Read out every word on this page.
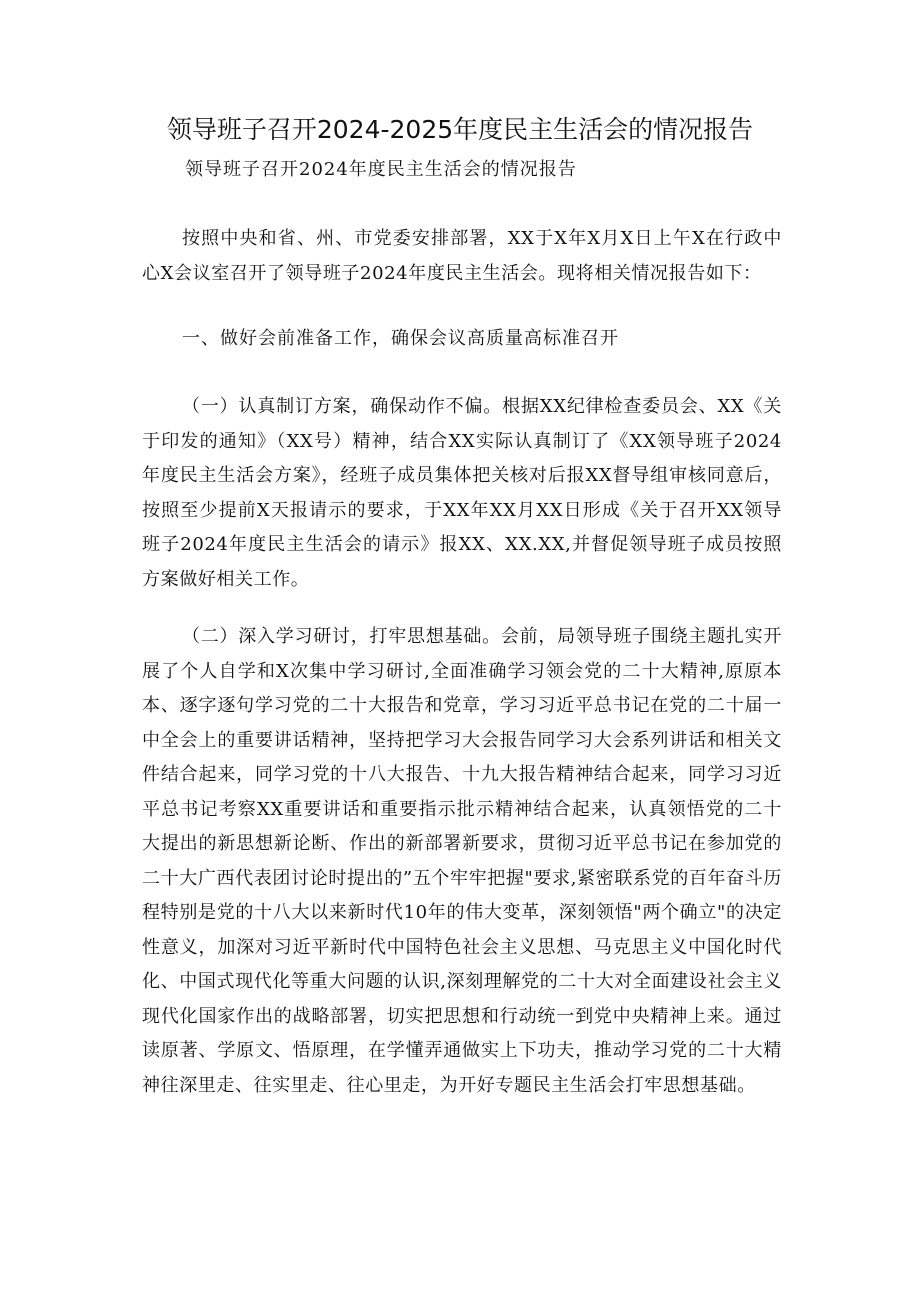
领导班子召开2024-2025年度民主生活会的情况报告

领导班子召开2024年度民主生活会的情况报告

按照中央和省、州、市党委安排部署，XX于X年X月X日上午X在行政中心X会议室召开了领导班子2024年度民主生活会。现将相关情况报告如下：

一、做好会前准备工作，确保会议高质量高标准召开

（一）认真制订方案，确保动作不偏。根据XX纪律检查委员会、XX《关于印发的通知》（XX号）精神，结合XX实际认真制订了《XX领导班子2024年度民主生活会方案》，经班子成员集体把关核对后报XX督导组审核同意后，按照至少提前X天报请示的要求，于XX年XX月XX日形成《关于召开XX领导班子2024年度民主生活会的请示》报XX、XX.XX,并督促领导班子成员按照方案做好相关工作。

（二）深入学习研讨，打牢思想基础。会前，局领导班子围绕主题扎实开展了个人自学和X次集中学习研讨,全面准确学习领会党的二十大精神,原原本本、逐字逐句学习党的二十大报告和党章，学习习近平总书记在党的二十届一中全会上的重要讲话精神，坚持把学习大会报告同学习大会系列讲话和相关文件结合起来，同学习党的十八大报告、十九大报告精神结合起来，同学习习近平总书记考察XX重要讲话和重要指示批示精神结合起来，认真领悟党的二十大提出的新思想新论断、作出的新部署新要求，贯彻习近平总书记在参加党的二十大广西代表团讨论时提出的”五个牢牢把握"要求,紧密联系党的百年奋斗历程特别是党的十八大以来新时代10年的伟大变革，深刻领悟"两个确立"的决定性意义，加深对习近平新时代中国特色社会主义思想、马克思主义中国化时代化、中国式现代化等重大问题的认识,深刻理解党的二十大对全面建设社会主义现代化国家作出的战略部署，切实把思想和行动统一到党中央精神上来。通过读原著、学原文、悟原理，在学懂弄通做实上下功夫，推动学习党的二十大精神往深里走、往实里走、往心里走，为开好专题民主生活会打牢思想基础。
